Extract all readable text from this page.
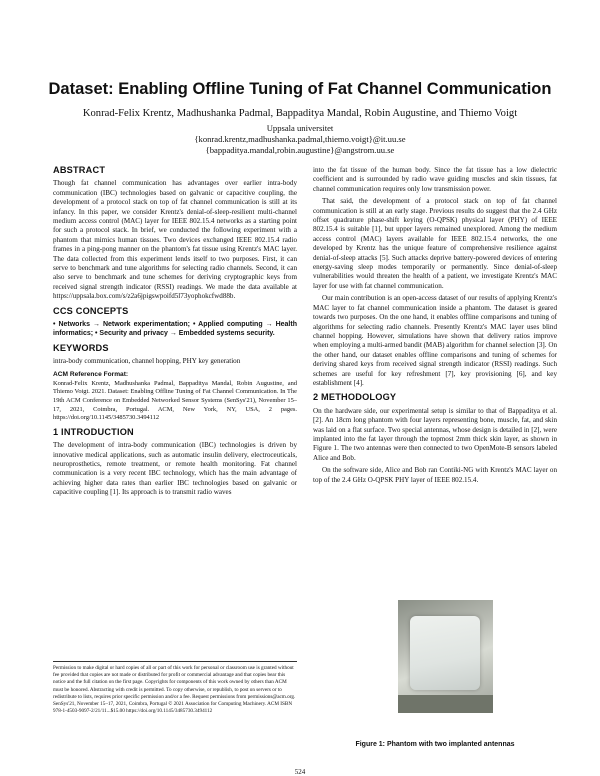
Dataset: Enabling Offline Tuning of Fat Channel Communication
Konrad-Felix Krentz, Madhushanka Padmal, Bappaditya Mandal, Robin Augustine, and Thiemo Voigt
Uppsala universitet
{konrad.krentz,madhushanka.padmal,thiemo.voigt}@it.uu.se
{bappaditya.mandal,robin.augustine}@angstrom.uu.se
ABSTRACT

Though fat channel communication has advantages over earlier intra-body communication (IBC) technologies based on galvanic or capacitive coupling, the development of a protocol stack on top of fat channel communication is still at its infancy. In this paper, we consider Krentz's denial-of-sleep-resilient multi-channel medium access control (MAC) layer for IEEE 802.15.4 networks as a starting point for such a protocol stack. In brief, we conducted the following experiment with a phantom that mimics human tissues. Two devices exchanged IEEE 802.15.4 radio frames in a ping-pong manner on the phantom's fat tissue using Krentz's MAC layer. The data collected from this experiment lends itself to two purposes. First, it can serve to benchmark and tune algorithms for selecting radio channels. Second, it can also serve to benchmark and tune schemes for deriving cryptographic keys from received signal strength indicator (RSSI) readings. We made the data available at https://uppsala.box.com/s/z2a6jpigswpoifd5l73yophokcfwd88b.

CCS CONCEPTS

• Networks → Network experimentation; • Applied computing → Health informatics; • Security and privacy → Embedded systems security.

KEYWORDS

intra-body communication, channel hopping, PHY key generation

ACM Reference Format:

Konrad-Felix Krentz, Madhushanka Padmal, Bappaditya Mandal, Robin Augustine, and Thiemo Voigt. 2021. Dataset: Enabling Offline Tuning of Fat Channel Communication. In The 19th ACM Conference on Embedded Networked Sensor Systems (SenSys'21), November 15–17, 2021, Coimbra, Portugal. ACM, New York, NY, USA, 2 pages. https://doi.org/10.1145/3485730.3494112

1 INTRODUCTION

The development of intra-body communication (IBC) technologies is driven by innovative medical applications, such as automatic insulin delivery, electroceuticals, neuroprosthetics, remote treatment, or remote health monitoring. Fat channel communication is a very recent IBC technology, which has the main advantage of achieving higher data rates than earlier IBC technologies based on galvanic or capacitive coupling [1]. Its approach is to transmit radio waves

Permission to make digital or hard copies of all or part of this work for personal or classroom use is granted without fee provided that copies are not made or distributed for profit or commercial advantage and that copies bear this notice and the full citation on the first page. Copyrights for components of this work owned by others than ACM must be honored. Abstracting with credit is permitted. To copy otherwise, or republish, to post on servers or to redistribute to lists, requires prior specific permission and/or a fee. Request permissions from permissions@acm.org. SenSys'21, November 15–17, 2021, Coimbra, Portugal © 2021 Association for Computing Machinery. ACM ISBN 978-1-4503-9097-2/21/11...$15.00 https://doi.org/10.1145/3485730.3494112

into the fat tissue of the human body. Since the fat tissue has a low dielectric coefficient and is surrounded by radio wave guiding muscles and skin tissues, fat channel communication requires only low transmission power.

That said, the development of a protocol stack on top of fat channel communication is still at an early stage. Previous results do suggest that the 2.4 GHz offset quadrature phase-shift keying (O-QPSK) physical layer (PHY) of IEEE 802.15.4 is suitable [1], but upper layers remained unexplored. Among the medium access control (MAC) layers available for IEEE 802.15.4 networks, the one developed by Krentz has the unique feature of comprehensive resilience against denial-of-sleep attacks [5]. Such attacks deprive battery-powered devices of entering energy-saving sleep modes temporarily or permanently. Since denial-of-sleep vulnerabilities would threaten the health of a patient, we investigate Krentz's MAC layer for use with fat channel communication.

Our main contribution is an open-access dataset of our results of applying Krentz's MAC layer to fat channel communication inside a phantom. The dataset is geared towards two purposes. On the one hand, it enables offline comparisons and tuning of algorithms for selecting radio channels. Presently Krentz's MAC layer uses blind channel hopping. However, simulations have shown that delivery ratios improve when employing a multi-armed bandit (MAB) algorithm for channel selection [3]. On the other hand, our dataset enables offline comparisons and tuning of schemes for deriving shared keys from received signal strength indicator (RSSI) readings. Such schemes are useful for key refreshment [7], key provisioning [6], and key establishment [4].

2 METHODOLOGY

On the hardware side, our experimental setup is similar to that of Bappaditya et al. [2]. An 18cm long phantom with four layers representing bone, muscle, fat, and skin was laid on a flat surface. Two special antennas, whose design is detailed in [2], were implanted into the fat layer through the topmost 2mm thick skin layer, as shown in Figure 1. The two antennas were then connected to two OpenMote-B sensors labeled Alice and Bob.

On the software side, Alice and Bob ran Contiki-NG with Krentz's MAC layer on top of the 2.4 GHz O-QPSK PHY layer of IEEE 802.15.4.

Figure 1: Phantom with two implanted antennas
524
